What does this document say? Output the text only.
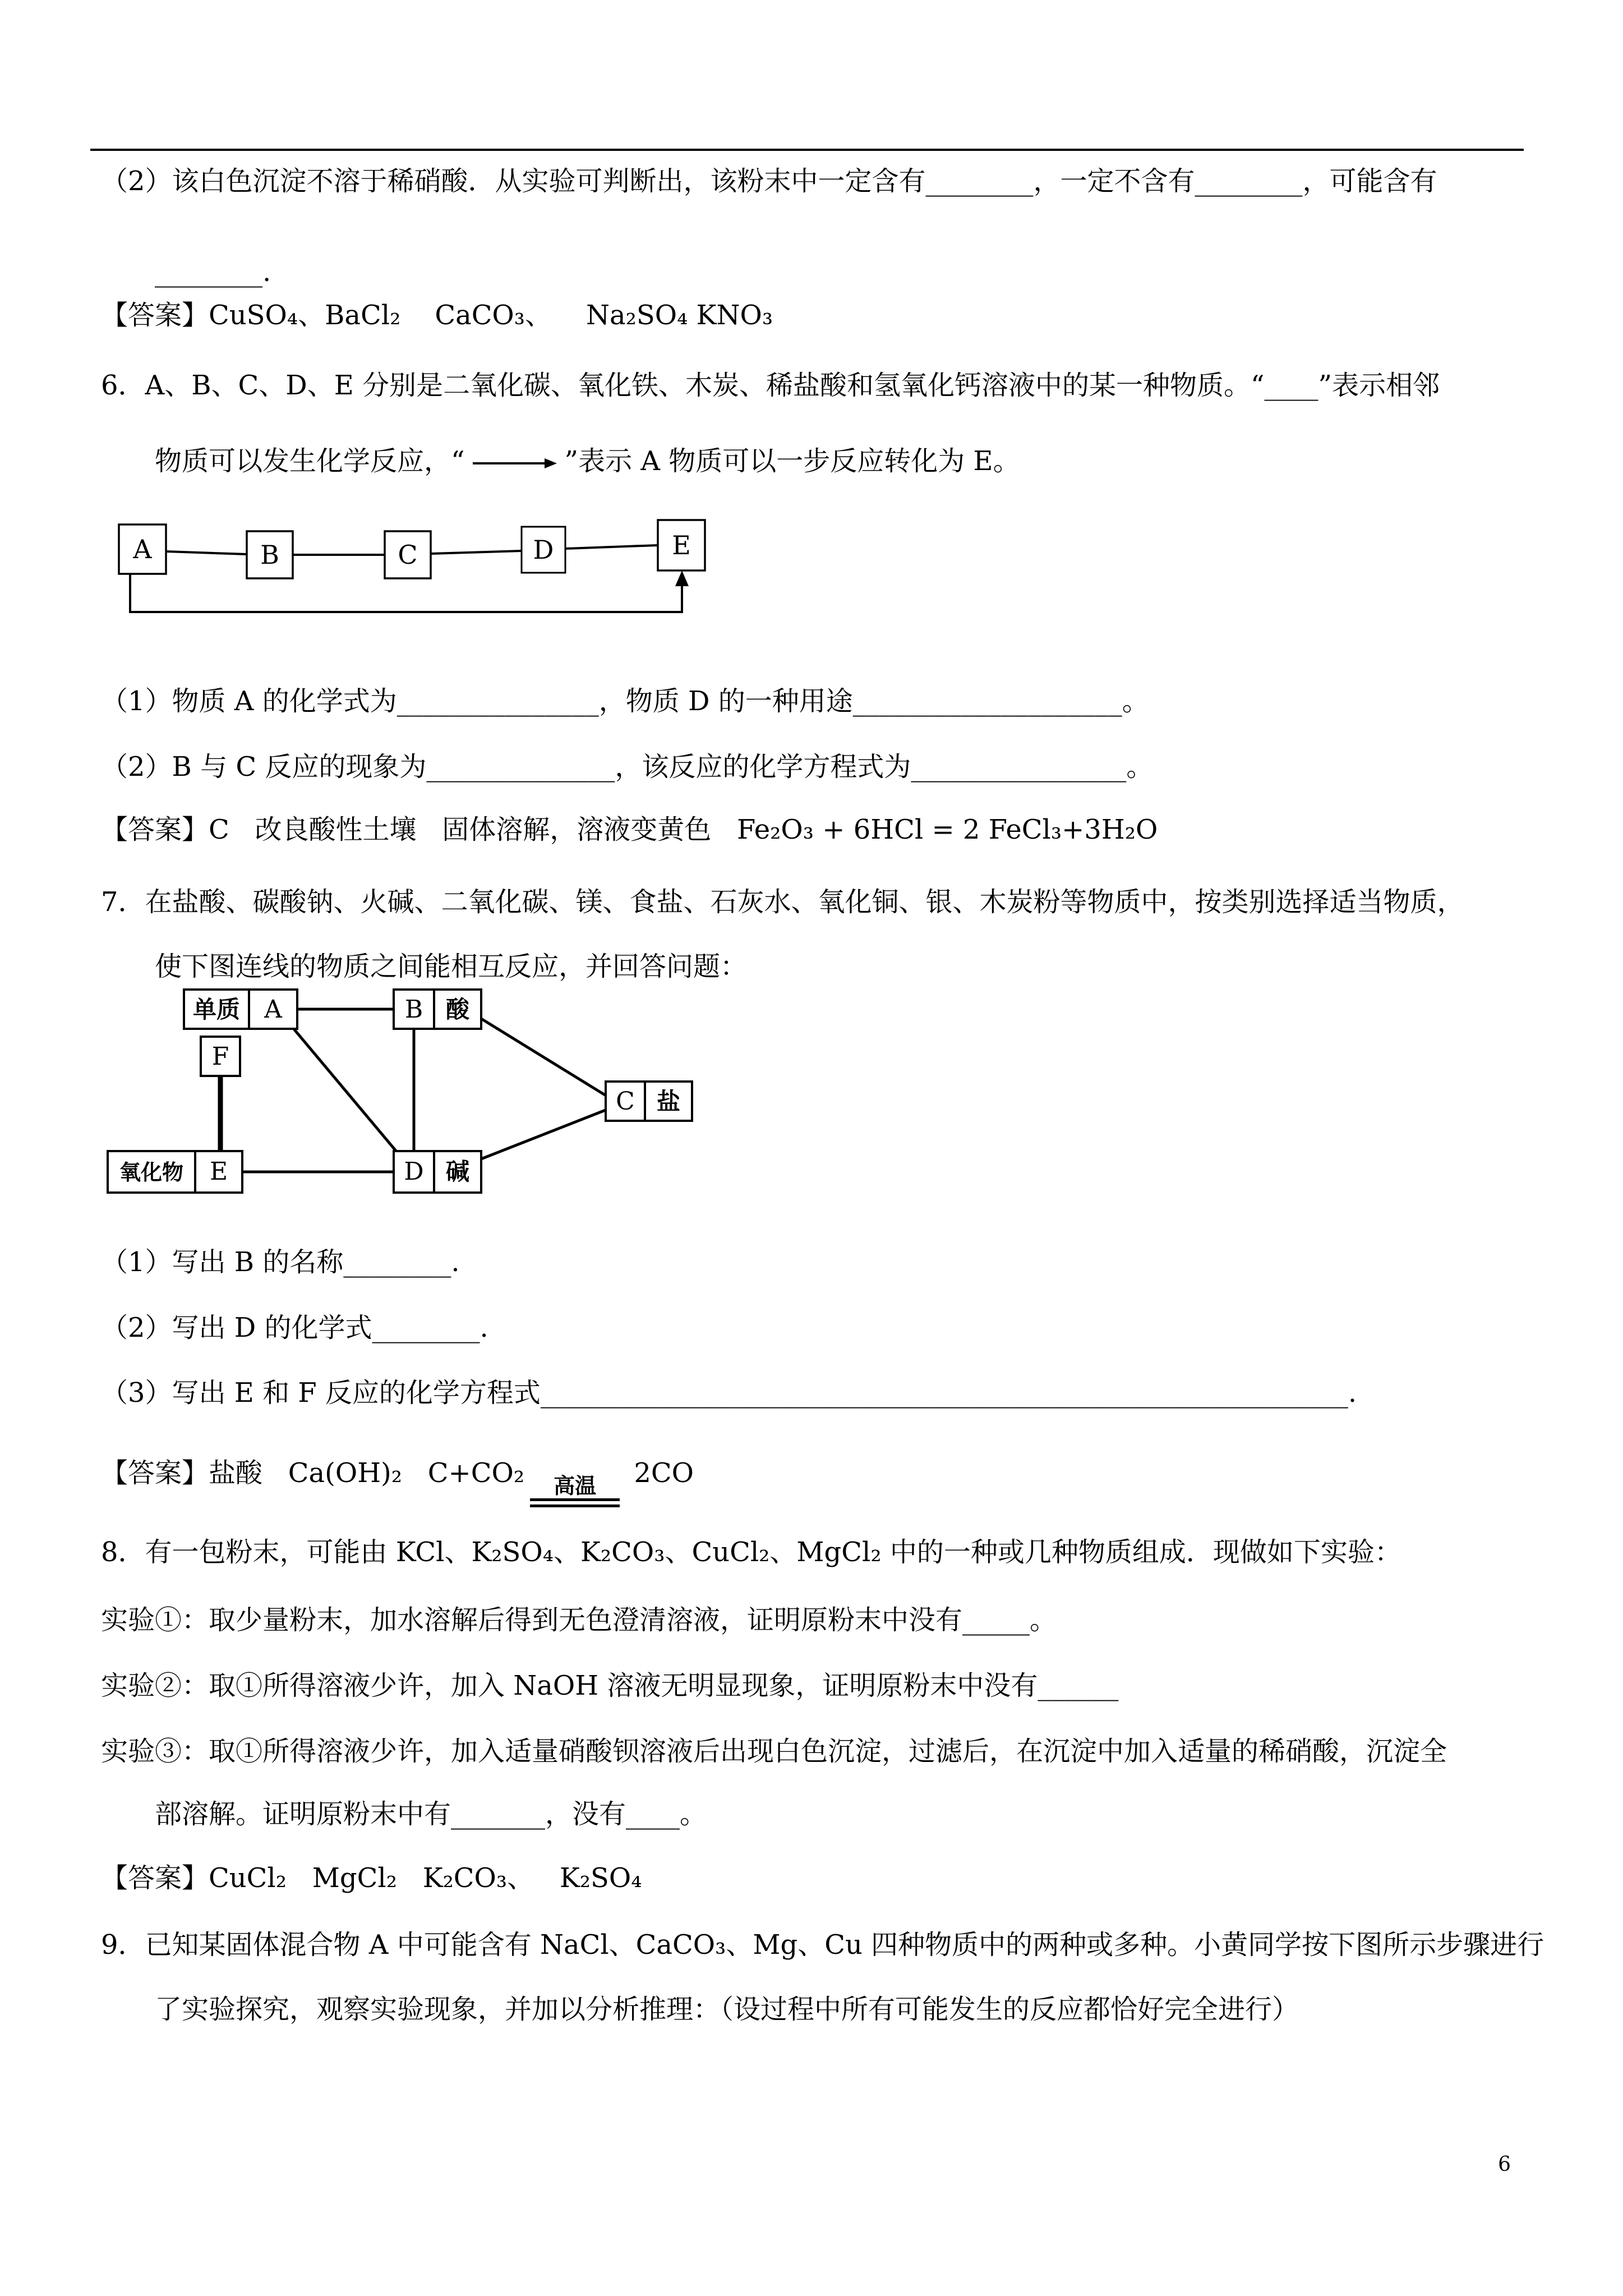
（2）该白色沉淀不溶于稀硝酸．从实验可判断出，该粉末中一定含有________，一定不含有________，可能含有

________.

【答案】CuSO₄、BaCl₂    CaCO₃、    Na₂SO₄ KNO₃

6．A、B、C、D、E 分别是二氧化碳、氧化铁、木炭、稀盐酸和氢氧化钙溶液中的某一种物质。“____”表示相邻

物质可以发生化学反应，“	”表示 A 物质可以一步反应转化为 E。

A	B	C	D	E

（1）物质 A 的化学式为_______________，物质 D 的一种用途____________________。

（2）B 与 C 反应的现象为______________，该反应的化学方程式为________________。

【答案】C   改良酸性土壤   固体溶解，溶液变黄色   Fe₂O₃ + 6HCl = 2 FeCl₃+3H₂O

7．在盐酸、碳酸钠、火碱、二氧化碳、镁、食盐、石灰水、氧化铜、银、木炭粉等物质中，按类别选择适当物质，

使下图连线的物质之间能相互反应，并回答问题：

单质 A	B 酸
F
C 盐
氧化物 E	D 碱

（1）写出 B 的名称________.

（2）写出 D 的化学式________.

（3）写出 E 和 F 反应的化学方程式____________________________________________________________.

【答案】盐酸   Ca(OH)₂   C+CO₂ 高温 2CO

8．有一包粉末，可能由 KCl、K₂SO₄、K₂CO₃、CuCl₂、MgCl₂ 中的一种或几种物质组成．现做如下实验：

实验①：取少量粉末，加水溶解后得到无色澄清溶液，证明原粉末中没有_____。

实验②：取①所得溶液少许，加入 NaOH 溶液无明显现象，证明原粉末中没有______

实验③：取①所得溶液少许，加入适量硝酸钡溶液后出现白色沉淀，过滤后，在沉淀中加入适量的稀硝酸，沉淀全

部溶解。证明原粉末中有_______，没有____。

【答案】CuCl₂   MgCl₂   K₂CO₃、   K₂SO₄

9．已知某固体混合物 A 中可能含有 NaCl、CaCO₃、Mg、Cu 四种物质中的两种或多种。小黄同学按下图所示步骤进行

了实验探究，观察实验现象，并加以分析推理：（设过程中所有可能发生的反应都恰好完全进行）

6
